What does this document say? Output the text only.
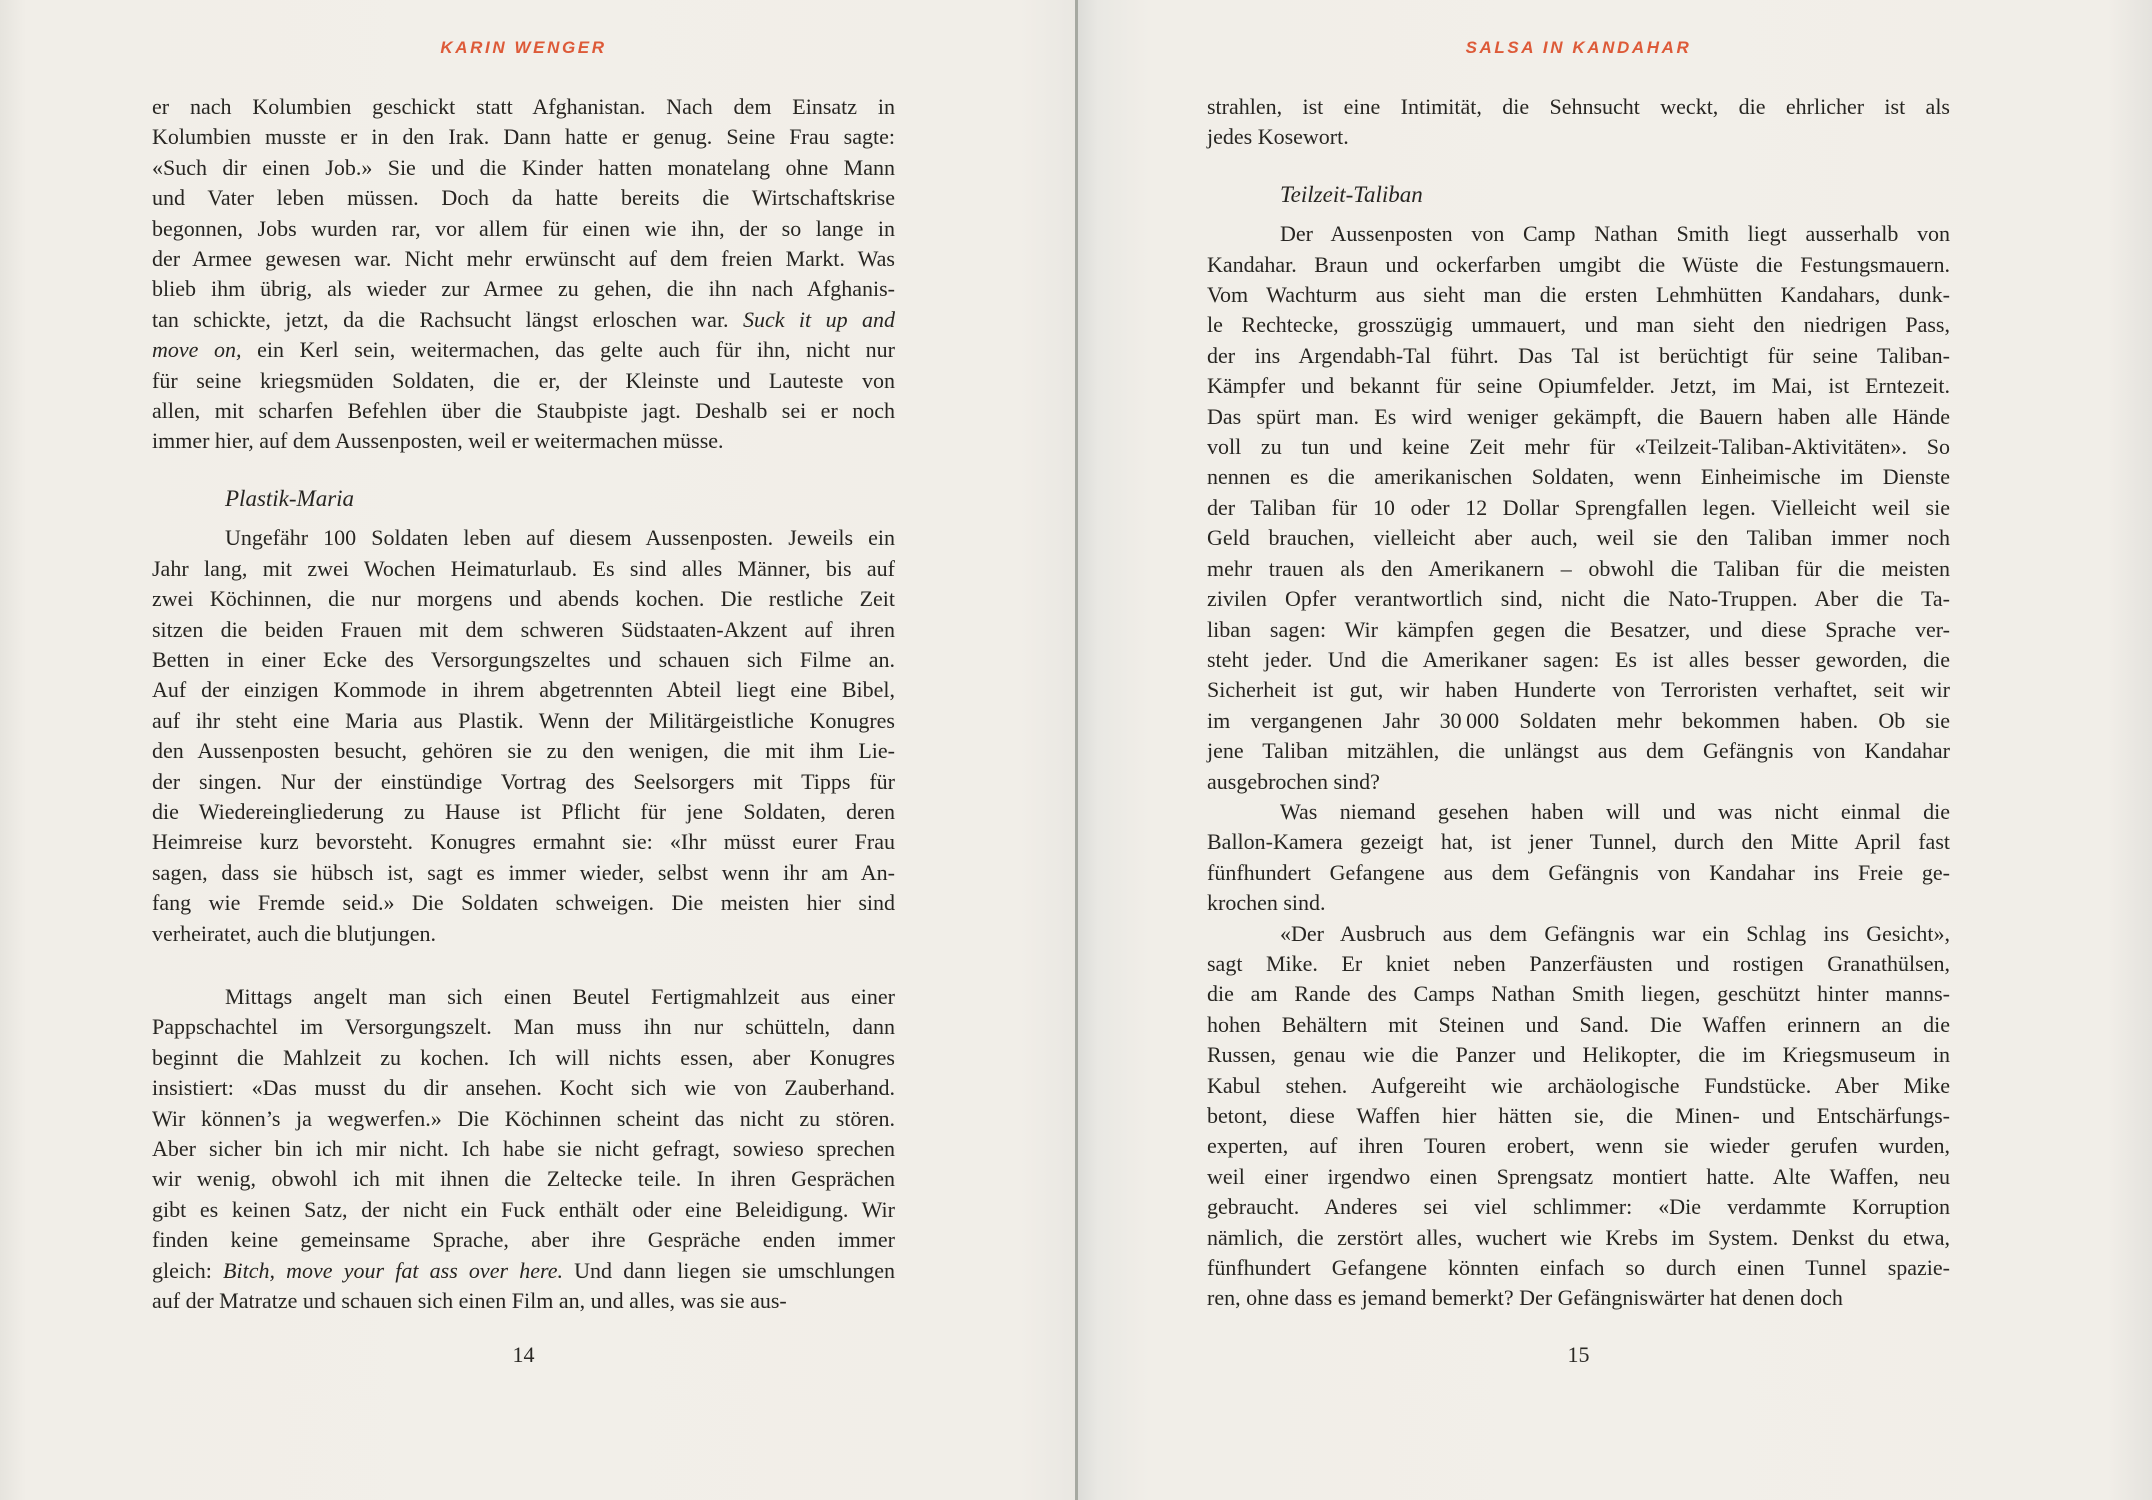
KARIN WENGER
er nach Kolumbien geschickt statt Afghanistan. Nach dem Einsatz in
Kolumbien musste er in den Irak. Dann hatte er genug. Seine Frau sagte:
«Such dir einen Job.» Sie und die Kinder hatten monatelang ohne Mann
und Vater leben müssen. Doch da hatte bereits die Wirtschaftskrise
begonnen, Jobs wurden rar, vor allem für einen wie ihn, der so lange in
der Armee gewesen war. Nicht mehr erwünscht auf dem freien Markt. Was
blieb ihm übrig, als wieder zur Armee zu gehen, die ihn nach Afghanis-
tan schickte, jetzt, da die Rachsucht längst erloschen war. Suck it up and
move on, ein Kerl sein, weitermachen, das gelte auch für ihn, nicht nur
für seine kriegsmüden Soldaten, die er, der Kleinste und Lauteste von
allen, mit scharfen Befehlen über die Staubpiste jagt. Deshalb sei er noch
immer hier, auf dem Aussenposten, weil er weitermachen müsse.
Plastik-Maria
Ungefähr 100 Soldaten leben auf diesem Aussenposten. Jeweils ein
Jahr lang, mit zwei Wochen Heimaturlaub. Es sind alles Männer, bis auf
zwei Köchinnen, die nur morgens und abends kochen. Die restliche Zeit
sitzen die beiden Frauen mit dem schweren Südstaaten-Akzent auf ihren
Betten in einer Ecke des Versorgungszeltes und schauen sich Filme an.
Auf der einzigen Kommode in ihrem abgetrennten Abteil liegt eine Bibel,
auf ihr steht eine Maria aus Plastik. Wenn der Militärgeistliche Konugres
den Aussenposten besucht, gehören sie zu den wenigen, die mit ihm Lie-
der singen. Nur der einstündige Vortrag des Seelsorgers mit Tipps für
die Wiedereingliederung zu Hause ist Pflicht für jene Soldaten, deren
Heimreise kurz bevorsteht. Konugres ermahnt sie: «Ihr müsst eurer Frau
sagen, dass sie hübsch ist, sagt es immer wieder, selbst wenn ihr am An-
fang wie Fremde seid.» Die Soldaten schweigen. Die meisten hier sind
verheiratet, auch die blutjungen.
Mittags angelt man sich einen Beutel Fertigmahlzeit aus einer
Pappschachtel im Versorgungszelt. Man muss ihn nur schütteln, dann
beginnt die Mahlzeit zu kochen. Ich will nichts essen, aber Konugres
insistiert: «Das musst du dir ansehen. Kocht sich wie von Zauberhand.
Wir können’s ja wegwerfen.» Die Köchinnen scheint das nicht zu stören.
Aber sicher bin ich mir nicht. Ich habe sie nicht gefragt, sowieso sprechen
wir wenig, obwohl ich mit ihnen die Zeltecke teile. In ihren Gesprächen
gibt es keinen Satz, der nicht ein Fuck enthält oder eine Beleidigung. Wir
finden keine gemeinsame Sprache, aber ihre Gespräche enden immer
gleich: Bitch, move your fat ass over here. Und dann liegen sie umschlungen
auf der Matratze und schauen sich einen Film an, und alles, was sie aus-
14
SALSA IN KANDAHAR
strahlen, ist eine Intimität, die Sehnsucht weckt, die ehrlicher ist als
jedes Kosewort.
Teilzeit-Taliban
Der Aussenposten von Camp Nathan Smith liegt ausserhalb von
Kandahar. Braun und ockerfarben umgibt die Wüste die Festungsmauern.
Vom Wachturm aus sieht man die ersten Lehmhütten Kandahars, dunk-
le Rechtecke, grosszügig ummauert, und man sieht den niedrigen Pass,
der ins Argendabh-Tal führt. Das Tal ist berüchtigt für seine Taliban-
Kämpfer und bekannt für seine Opiumfelder. Jetzt, im Mai, ist Erntezeit.
Das spürt man. Es wird weniger gekämpft, die Bauern haben alle Hände
voll zu tun und keine Zeit mehr für «Teilzeit-Taliban-Aktivitäten». So
nennen es die amerikanischen Soldaten, wenn Einheimische im Dienste
der Taliban für 10 oder 12 Dollar Sprengfallen legen. Vielleicht weil sie
Geld brauchen, vielleicht aber auch, weil sie den Taliban immer noch
mehr trauen als den Amerikanern – obwohl die Taliban für die meisten
zivilen Opfer verantwortlich sind, nicht die Nato-Truppen. Aber die Ta-
liban sagen: Wir kämpfen gegen die Besatzer, und diese Sprache ver-
steht jeder. Und die Amerikaner sagen: Es ist alles besser geworden, die
Sicherheit ist gut, wir haben Hunderte von Terroristen verhaftet, seit wir
im vergangenen Jahr 30 000 Soldaten mehr bekommen haben. Ob sie
jene Taliban mitzählen, die unlängst aus dem Gefängnis von Kandahar
ausgebrochen sind?
Was niemand gesehen haben will und was nicht einmal die
Ballon-Kamera gezeigt hat, ist jener Tunnel, durch den Mitte April fast
fünfhundert Gefangene aus dem Gefängnis von Kandahar ins Freie ge-
krochen sind.
«Der Ausbruch aus dem Gefängnis war ein Schlag ins Gesicht»,
sagt Mike. Er kniet neben Panzerfäusten und rostigen Granathülsen,
die am Rande des Camps Nathan Smith liegen, geschützt hinter manns-
hohen Behältern mit Steinen und Sand. Die Waffen erinnern an die
Russen, genau wie die Panzer und Helikopter, die im Kriegsmuseum in
Kabul stehen. Aufgereiht wie archäologische Fundstücke. Aber Mike
betont, diese Waffen hier hätten sie, die Minen- und Entschärfungs-
experten, auf ihren Touren erobert, wenn sie wieder gerufen wurden,
weil einer irgendwo einen Sprengsatz montiert hatte. Alte Waffen, neu
gebraucht. Anderes sei viel schlimmer: «Die verdammte Korruption
nämlich, die zerstört alles, wuchert wie Krebs im System. Denkst du etwa,
fünfhundert Gefangene könnten einfach so durch einen Tunnel spazie-
ren, ohne dass es jemand bemerkt? Der Gefängniswärter hat denen doch
15
